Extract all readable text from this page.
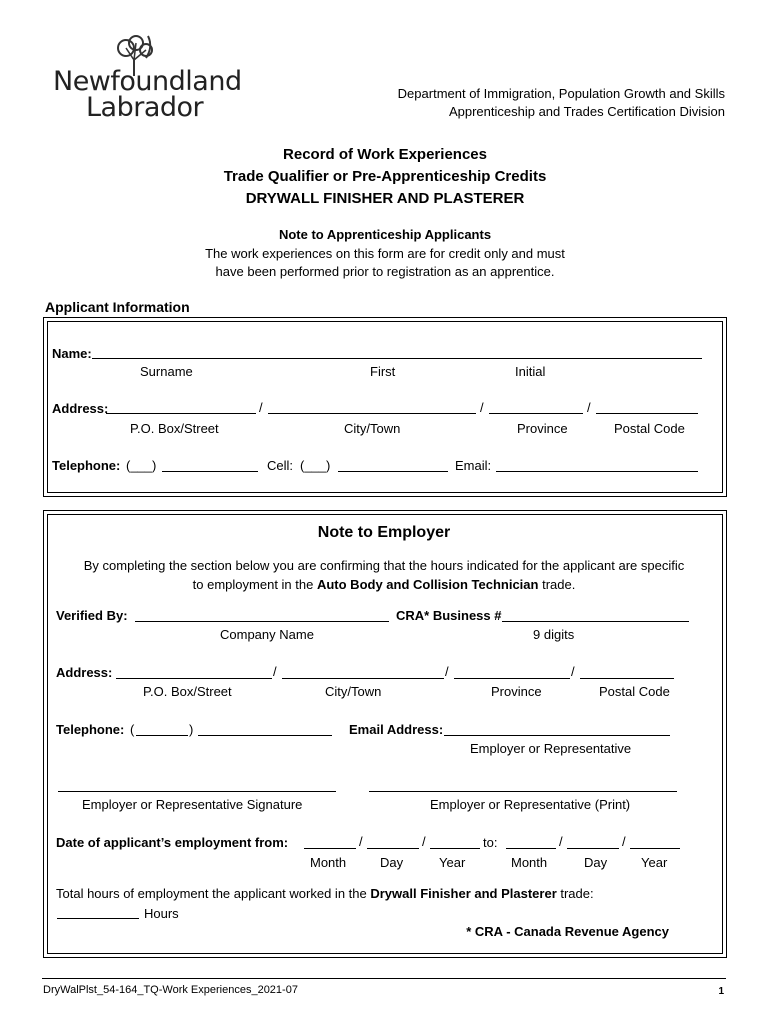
Newfoundland
Labrador	Department of Immigration, Population Growth and Skills
Apprenticeship and Trades Certification Division
Record of Work Experiences
Trade Qualifier or Pre-Apprenticeship Credits
DRYWALL FINISHER AND PLASTERER
Note to Apprenticeship Applicants
The work experiences on this form are for credit only and must
have been performed prior to registration as an apprentice.
Applicant Information
Name:
Surname	First	Initial
Address:	/	/	/
P.O. Box/Street	City/Town	Province	Postal Code
Telephone: (___)	Cell: (___)	Email:
Note to Employer
By completing the section below you are confirming that the hours indicated for the applicant are specific
to employment in the Auto Body and Collision Technician trade.
Verified By:	CRA* Business #
Company Name	9 digits
Address:	/	/	/
P.O. Box/Street	City/Town	Province	Postal Code
Telephone: (	)	Email Address:
Employer or Representative
Employer or Representative Signature	Employer or Representative (Print)
Date of applicant’s employment from:	/	/	to:	/	/
Month	Day	Year	Month	Day	Year
Total hours of employment the applicant worked in the Drywall Finisher and Plasterer trade:
Hours
* CRA - Canada Revenue Agency
DryWalPlst_54-164_TQ-Work Experiences_2021-07	1
